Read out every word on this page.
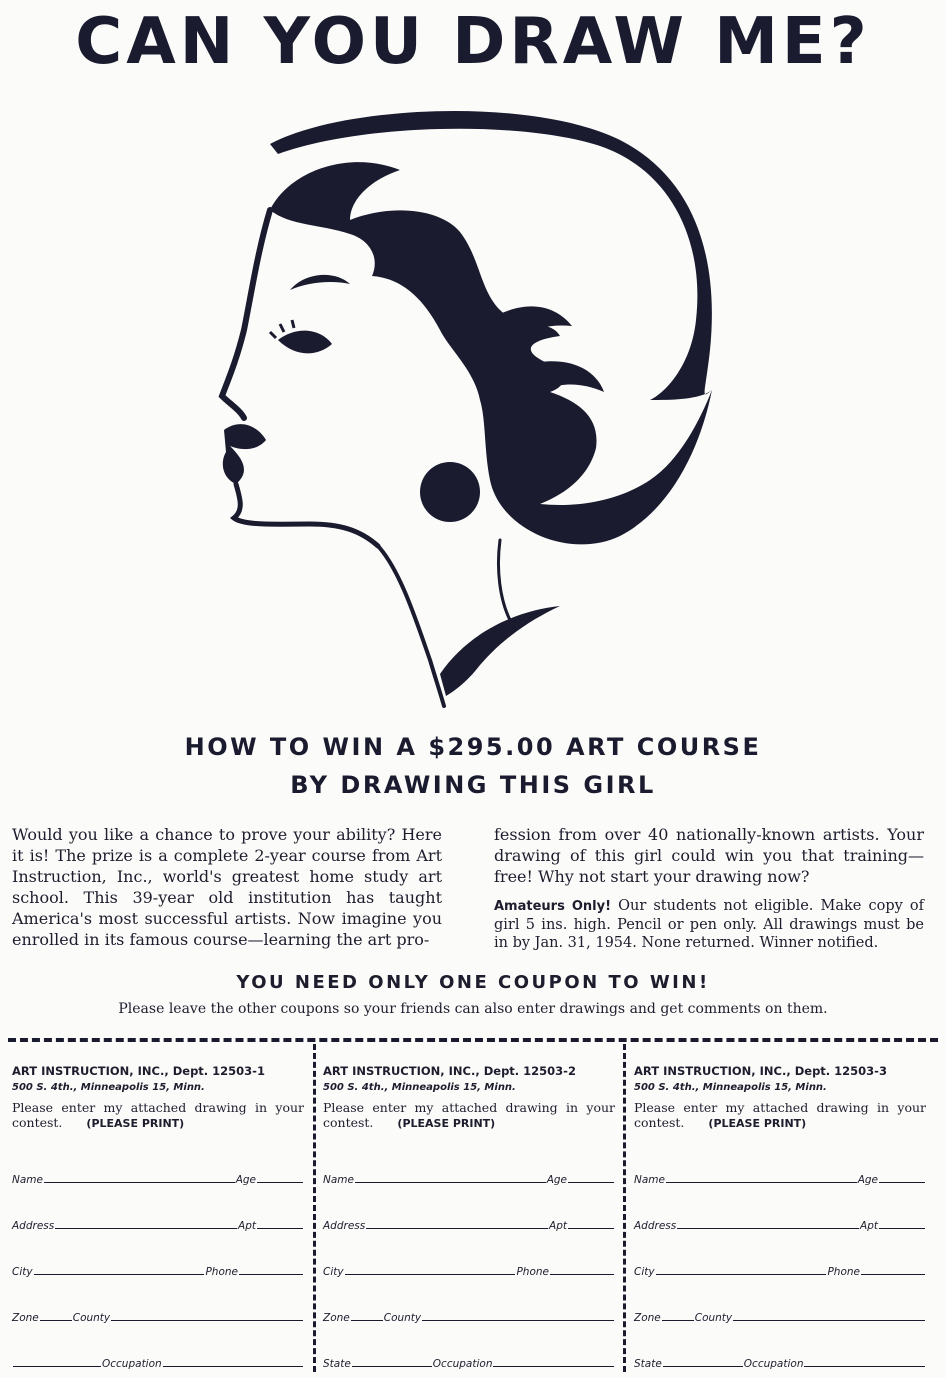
CAN YOU DRAW ME?
HOW TO WIN A $295.00 ART COURSE
BY DRAWING THIS GIRL

Would you like a chance to prove your ability? Here it is! The prize is a complete 2-year course from Art Instruction, Inc., world's greatest home study art school. This 39-year old institution has taught America's most successful artists. Now imagine you enrolled in its famous course—learning the art pro-

fession from over 40 nationally-known artists. Your drawing of this girl could win you that training—free! Why not start your drawing now?

Amateurs Only! Our students not eligible. Make copy of girl 5 ins. high. Pencil or pen only. All drawings must be in by Jan. 31, 1954. None returned. Winner notified.

YOU NEED ONLY ONE COUPON TO WIN!
Please leave the other coupons so your friends can also enter drawings and get comments on them.
ART INSTRUCTION, INC., Dept. 12503-1
500 S. 4th., Minneapolis 15, Minn.
Please enter my attached drawing in your contest. (PLEASE PRINT)
Name	Age
Address	Apt
City	Phone
Zone	County
Occupation
ART INSTRUCTION, INC., Dept. 12503-2
500 S. 4th., Minneapolis 15, Minn.
Please enter my attached drawing in your contest. (PLEASE PRINT)
Name	Age
Address	Apt
City	Phone
Zone	County
State	Occupation
ART INSTRUCTION, INC., Dept. 12503-3
500 S. 4th., Minneapolis 15, Minn.
Please enter my attached drawing in your contest. (PLEASE PRINT)
Name	Age
Address	Apt
City	Phone
Zone	County
State	Occupation
